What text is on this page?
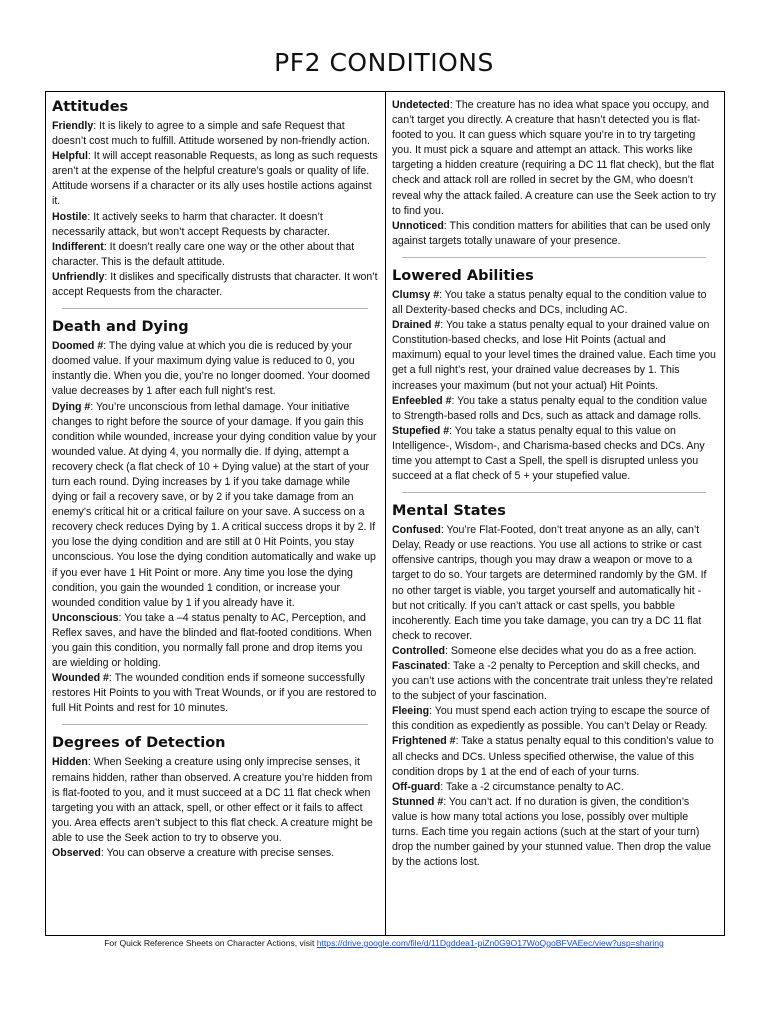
PF2 CONDITIONS
Attitudes

Friendly: It is likely to agree to a simple and safe Request that doesn’t cost much to fulfill. Attitude worsened by non-friendly action.

Helpful: It will accept reasonable Requests, as long as such requests aren’t at the expense of the helpful creature’s goals or quality of life. Attitude worsens if a character or its ally uses hostile actions against it.

Hostile: It actively seeks to harm that character. It doesn’t necessarily attack, but won’t accept Requests by character.

Indifferent: It doesn’t really care one way or the other about that character. This is the default attitude.

Unfriendly: It dislikes and specifically distrusts that character. It won’t accept Requests from the character.

Death and Dying

Doomed #: The dying value at which you die is reduced by your doomed value. If your maximum dying value is reduced to 0, you instantly die. When you die, you’re no longer doomed. Your doomed value decreases by 1 after each full night’s rest.

Dying #: You’re unconscious from lethal damage. Your initiative changes to right before the source of your damage. If you gain this condition while wounded, increase your dying condition value by your wounded value. At dying 4, you normally die. If dying, attempt a recovery check (a flat check of 10 + Dying value) at the start of your turn each round. Dying increases by 1 if you take damage while dying or fail a recovery save, or by 2 if you take damage from an enemy’s critical hit or a critical failure on your save. A success on a recovery check reduces Dying by 1. A critical success drops it by 2. If you lose the dying condition and are still at 0 Hit Points, you stay unconscious. You lose the dying condition automatically and wake up if you ever have 1 Hit Point or more. Any time you lose the dying condition, you gain the wounded 1 condition, or increase your wounded condition value by 1 if you already have it.

Unconscious: You take a –4 status penalty to AC, Perception, and Reflex saves, and have the blinded and flat-footed conditions. When you gain this condition, you normally fall prone and drop items you are wielding or holding.

Wounded #: The wounded condition ends if someone successfully restores Hit Points to you with Treat Wounds, or if you are restored to full Hit Points and rest for 10 minutes.

Degrees of Detection

Hidden: When Seeking a creature using only imprecise senses, it remains hidden, rather than observed. A creature you’re hidden from is flat-footed to you, and it must succeed at a DC 11 flat check when targeting you with an attack, spell, or other effect or it fails to affect you. Area effects aren’t subject to this flat check. A creature might be able to use the Seek action to try to observe you.

Observed: You can observe a creature with precise senses.

Undetected: The creature has no idea what space you occupy, and can’t target you directly. A creature that hasn’t detected you is flat-footed to you. It can guess which square you’re in to try targeting you. It must pick a square and attempt an attack. This works like targeting a hidden creature (requiring a DC 11 flat check), but the flat check and attack roll are rolled in secret by the GM, who doesn’t reveal why the attack failed. A creature can use the Seek action to try to find you.

Unnoticed: This condition matters for abilities that can be used only against targets totally unaware of your presence.

Lowered Abilities

Clumsy #: You take a status penalty equal to the condition value to all Dexterity-based checks and DCs, including AC.

Drained #: You take a status penalty equal to your drained value on Constitution-based checks, and lose Hit Points (actual and maximum) equal to your level times the drained value. Each time you get a full night’s rest, your drained value decreases by 1. This increases your maximum (but not your actual) Hit Points.

Enfeebled #: You take a status penalty equal to the condition value to Strength-based rolls and Dcs, such as attack and damage rolls.

Stupefied #: You take a status penalty equal to this value on Intelligence-, Wisdom-, and Charisma-based checks and DCs. Any time you attempt to Cast a Spell, the spell is disrupted unless you succeed at a flat check of 5 + your stupefied value.

Mental States

Confused: You’re Flat-Footed, don’t treat anyone as an ally, can’t Delay, Ready or use reactions. You use all actions to strike or cast offensive cantrips, though you may draw a weapon or move to a target to do so. Your targets are determined randomly by the GM. If no other target is viable, you target yourself and automatically hit - but not critically. If you can’t attack or cast spells, you babble incoherently. Each time you take damage, you can try a DC 11 flat check to recover.

Controlled: Someone else decides what you do as a free action.

Fascinated: Take a -2 penalty to Perception and skill checks, and you can’t use actions with the concentrate trait unless they’re related to the subject of your fascination.

Fleeing: You must spend each action trying to escape the source of this condition as expediently as possible. You can’t Delay or Ready.

Frightened #: Take a status penalty equal to this condition’s value to all checks and DCs. Unless specified otherwise, the value of this condition drops by 1 at the end of each of your turns.

Off-guard: Take a -2 circumstance penalty to AC.

Stunned #: You can’t act. If no duration is given, the condition’s value is how many total actions you lose, possibly over multiple turns. Each time you regain actions (such at the start of your turn) drop the number gained by your stunned value. Then drop the value by the actions lost.

For Quick Reference Sheets on Character Actions, visit https://drive.google.com/file/d/11Dgddea1-piZn0G9O17WoQgoBFVAEec/view?usp=sharing
